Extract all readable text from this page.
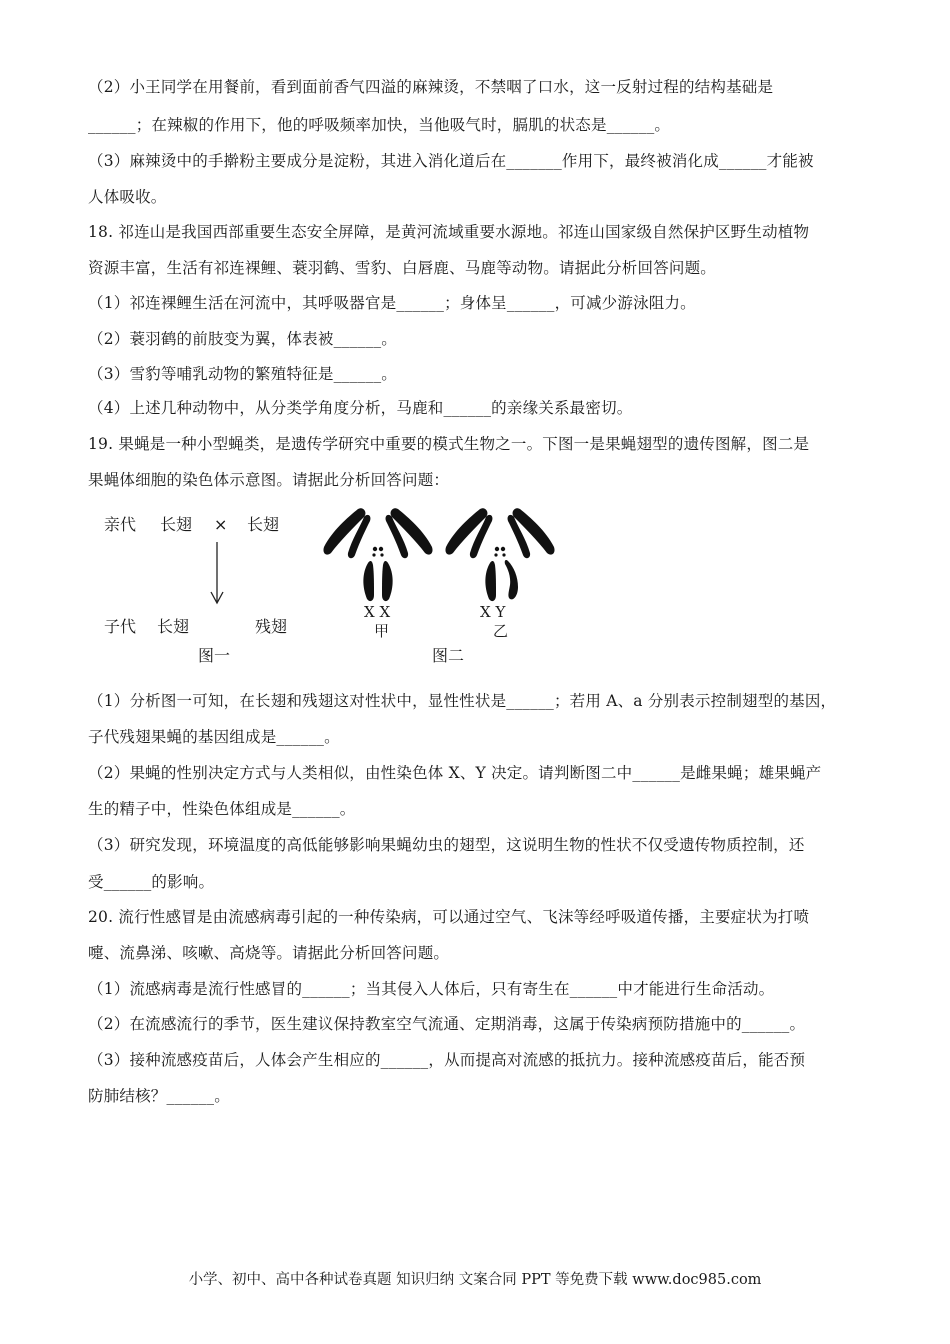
（2）小王同学在用餐前，看到面前香气四溢的麻辣烫，不禁咽了口水，这一反射过程的结构基础是
______；在辣椒的作用下，他的呼吸频率加快，当他吸气时，膈肌的状态是______。
（3）麻辣烫中的手擀粉主要成分是淀粉，其进入消化道后在_______作用下，最终被消化成______才能被
人体吸收。
18. 祁连山是我国西部重要生态安全屏障，是黄河流域重要水源地。祁连山国家级自然保护区野生动植物
资源丰富，生活有祁连裸鲤、蓑羽鹤、雪豹、白唇鹿、马鹿等动物。请据此分析回答问题。
（1）祁连裸鲤生活在河流中，其呼吸器官是______；身体呈______，可减少游泳阻力。
（2）蓑羽鹤的前肢变为翼，体表被______。
（3）雪豹等哺乳动物的繁殖特征是______。
（4）上述几种动物中，从分类学角度分析，马鹿和______的亲缘关系最密切。
19. 果蝇是一种小型蝇类，是遗传学研究中重要的模式生物之一。下图一是果蝇翅型的遗传图解，图二是
果蝇体细胞的染色体示意图。请据此分析回答问题：
亲代 长翅 × 长翅
子代 长翅	残翅
图一
X X
甲
X Y
乙
图二
（1）分析图一可知，在长翅和残翅这对性状中，显性性状是______；若用 A、a 分别表示控制翅型的基因，
子代残翅果蝇的基因组成是______。
（2）果蝇的性别决定方式与人类相似，由性染色体 X、Y 决定。请判断图二中______是雌果蝇；雄果蝇产
生的精子中，性染色体组成是______。
（3）研究发现，环境温度的高低能够影响果蝇幼虫的翅型，这说明生物的性状不仅受遗传物质控制，还
受______的影响。
20. 流行性感冒是由流感病毒引起的一种传染病，可以通过空气、飞沫等经呼吸道传播，主要症状为打喷
嚏、流鼻涕、咳嗽、高烧等。请据此分析回答问题。
（1）流感病毒是流行性感冒的______；当其侵入人体后，只有寄生在______中才能进行生命活动。
（2）在流感流行的季节，医生建议保持教室空气流通、定期消毒，这属于传染病预防措施中的______。
（3）接种流感疫苗后，人体会产生相应的______，从而提高对流感的抵抗力。接种流感疫苗后，能否预
防肺结核？______。
小学、初中、高中各种试卷真题 知识归纳 文案合同 PPT 等免费下载 www.doc985.com
